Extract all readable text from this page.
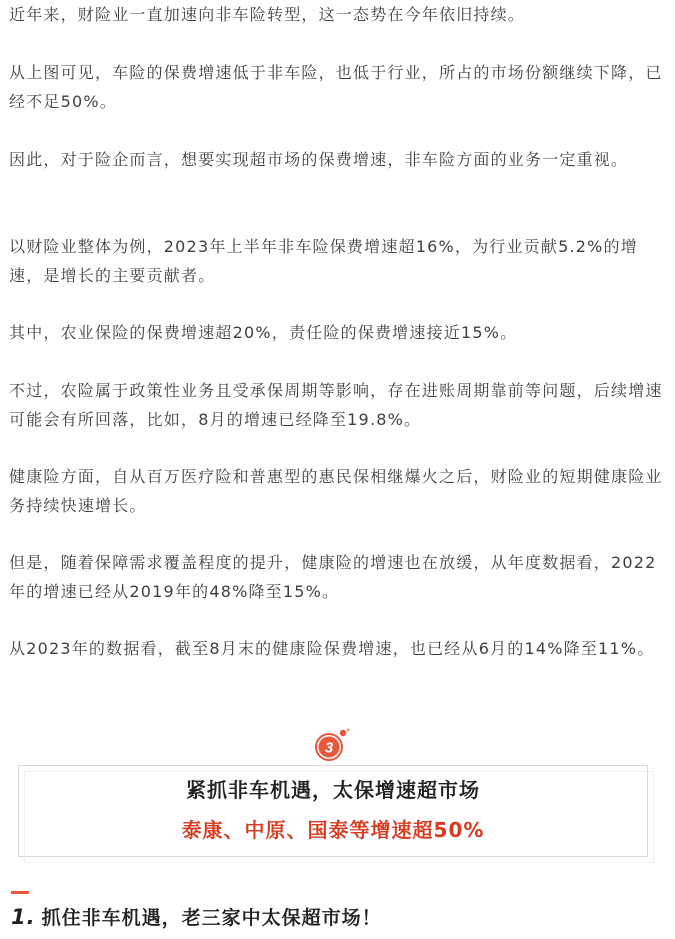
近年来，财险业一直加速向非车险转型，这一态势在今年依旧持续。

从上图可见，车险的保费增速低于非车险，也低于行业，所占的市场份额继续下降，已经不足50%。

因此，对于险企而言，想要实现超市场的保费增速，非车险方面的业务一定重视。

以财险业整体为例，2023年上半年非车险保费增速超16%，为行业贡献5.2%的增速，是增长的主要贡献者。

其中，农业保险的保费增速超20%，责任险的保费增速接近15%。

不过，农险属于政策性业务且受承保周期等影响，存在进账周期靠前等问题，后续增速可能会有所回落，比如，8月的增速已经降至19.8%。

健康险方面，自从百万医疗险和普惠型的惠民保相继爆火之后，财险业的短期健康险业务持续快速增长。

但是，随着保障需求覆盖程度的提升，健康险的增速也在放缓，从年度数据看，2022年的增速已经从2019年的48%降至15%。

从2023年的数据看，截至8月末的健康险保费增速，也已经从6月的14%降至11%。

3
紧抓非车机遇，太保增速超市场
泰康、中原、国泰等增速超50%
1. 抓住非车机遇，老三家中太保超市场！
